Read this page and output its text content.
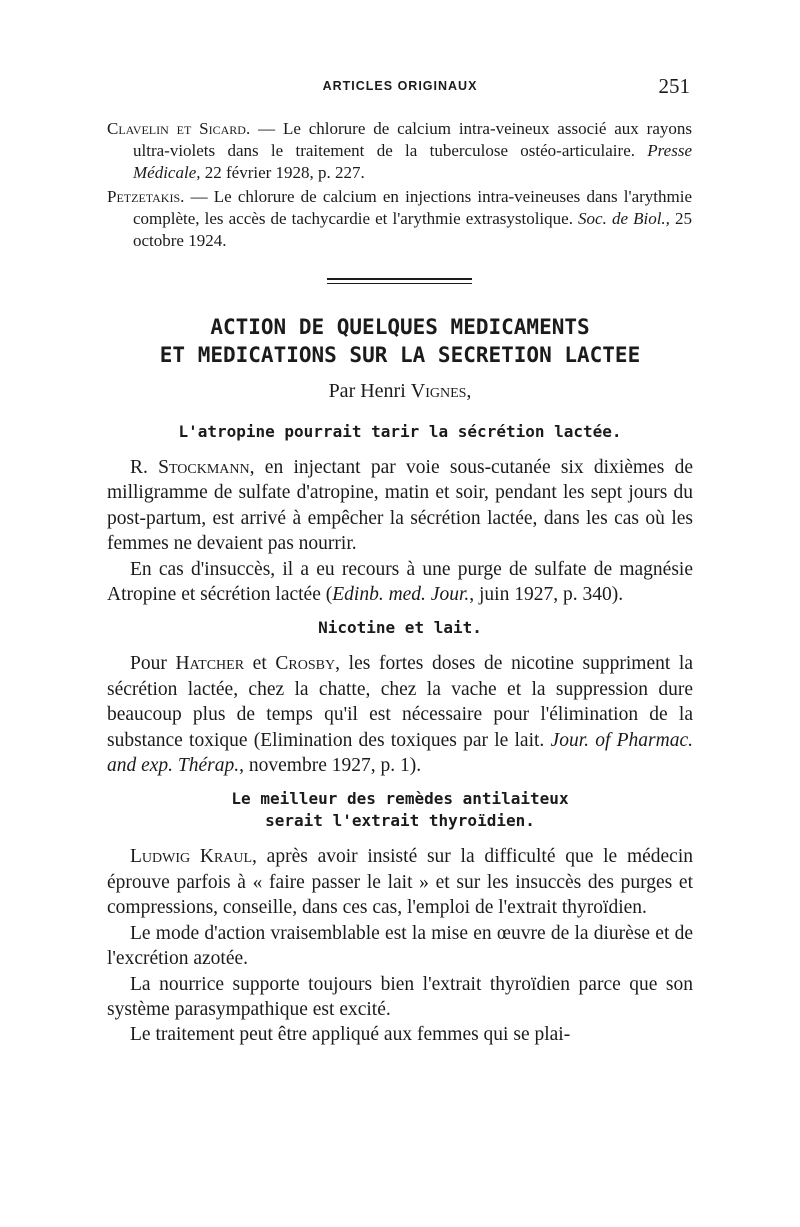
ARTICLES ORIGINAUX	251

Clavelin et Sicard. — Le chlorure de calcium intra-veineux associé aux rayons ultra-violets dans le traitement de la tuberculose ostéo-articulaire. Presse Médicale, 22 février 1928, p. 227.

Petzetakis. — Le chlorure de calcium en injections intra-veineuses dans l'arythmie complète, les accès de tachycardie et l'arythmie extrasystolique. Soc. de Biol., 25 octobre 1924.

ACTION DE QUELQUES MEDICAMENTS
ET MEDICATIONS SUR LA SECRETION LACTEE

Par Henri Vignes,

L'atropine pourrait tarir la sécrétion lactée.

R. Stockmann, en injectant par voie sous-cutanée six dixièmes de milligramme de sulfate d'atropine, matin et soir, pendant les sept jours du post-partum, est arrivé à empêcher la sécrétion lactée, dans les cas où les femmes ne devaient pas nourrir.

En cas d'insuccès, il a eu recours à une purge de sulfate de magnésie Atropine et sécrétion lactée (Edinb. med. Jour., juin 1927, p. 340).

Nicotine et lait.

Pour Hatcher et Crosby, les fortes doses de nicotine suppriment la sécrétion lactée, chez la chatte, chez la vache et la suppression dure beaucoup plus de temps qu'il est nécessaire pour l'élimination de la substance toxique (Elimination des toxiques par le lait. Jour. of Pharmac. and exp. Thérap., novembre 1927, p. 1).

Le meilleur des remèdes antilaiteux
serait l'extrait thyroïdien.

Ludwig Kraul, après avoir insisté sur la difficulté que le médecin éprouve parfois à « faire passer le lait » et sur les insuccès des purges et compressions, conseille, dans ces cas, l'emploi de l'extrait thyroïdien.

Le mode d'action vraisemblable est la mise en œuvre de la diurèse et de l'excrétion azotée.

La nourrice supporte toujours bien l'extrait thyroïdien parce que son système parasympathique est excité.

Le traitement peut être appliqué aux femmes qui se plai-
